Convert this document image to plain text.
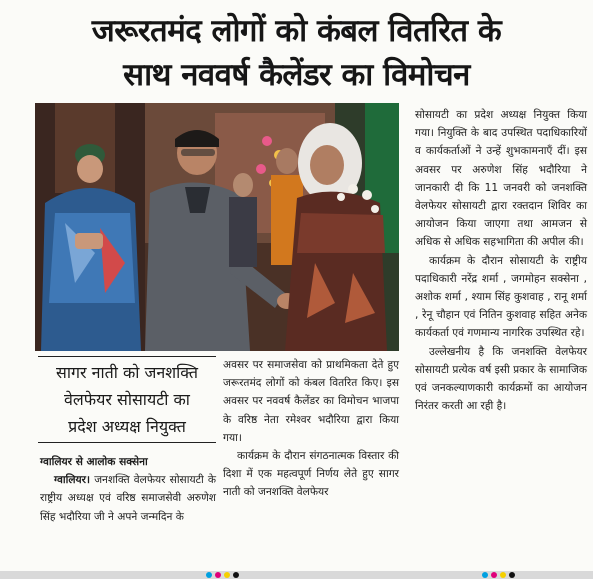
जरूरतमंद लोगों को कंबल वितरित के
साथ नववर्ष कैलेंडर का विमोचन
सागर नाती को जनशक्ति
वेलफेयर सोसायटी का
प्रदेश अध्यक्ष नियुक्त

ग्वालियर से आलोक सक्सेना

ग्वालियर। जनशक्ति वेलफेयर सोसायटी के राष्ट्रीय अध्यक्ष एवं वरिष्ठ समाजसेवी अरुणेश सिंह भदौरिया जी ने अपने जन्मदिन के

अवसर पर समाजसेवा को प्राथमिकता देते हुए जरूरतमंद लोगों को कंबल वितरित किए। इस अवसर पर नववर्ष कैलेंडर का विमोचन भाजपा के वरिष्ठ नेता रमेश्वर भदौरिया द्वारा किया गया।

कार्यक्रम के दौरान संगठनात्मक विस्तार की दिशा में एक महत्वपूर्ण निर्णय लेते हुए सागर नाती को जनशक्ति वेलफेयर

सोसायटी का प्रदेश अध्यक्ष नियुक्त किया गया। नियुक्ति के बाद उपस्थित पदाधिकारियों व कार्यकर्ताओं ने उन्हें शुभकामनाएँ दीं। इस अवसर पर अरुणेश सिंह भदौरिया ने जानकारी दी कि 11 जनवरी को जनशक्ति वेलफेयर सोसायटी द्वारा रक्तदान शिविर का आयोजन किया जाएगा तथा आमजन से अधिक से अधिक सहभागिता की अपील की।

कार्यक्रम के दौरान सोसायटी के राष्ट्रीय पदाधिकारी नरेंद्र शर्मा , जगमोहन सक्सेना , अशोक शर्मा , श्याम सिंह कुशवाह , रानू शर्मा , रेनू चौहान एवं नितिन कुशवाह सहित अनेक कार्यकर्ता एवं गणमान्य नागरिक उपस्थित रहे।

उल्लेखनीय है कि जनशक्ति वेलफेयर सोसायटी प्रत्येक वर्ष इसी प्रकार के सामाजिक एवं जनकल्याणकारी कार्यक्रमों का आयोजन निरंतर करती आ रही है।
